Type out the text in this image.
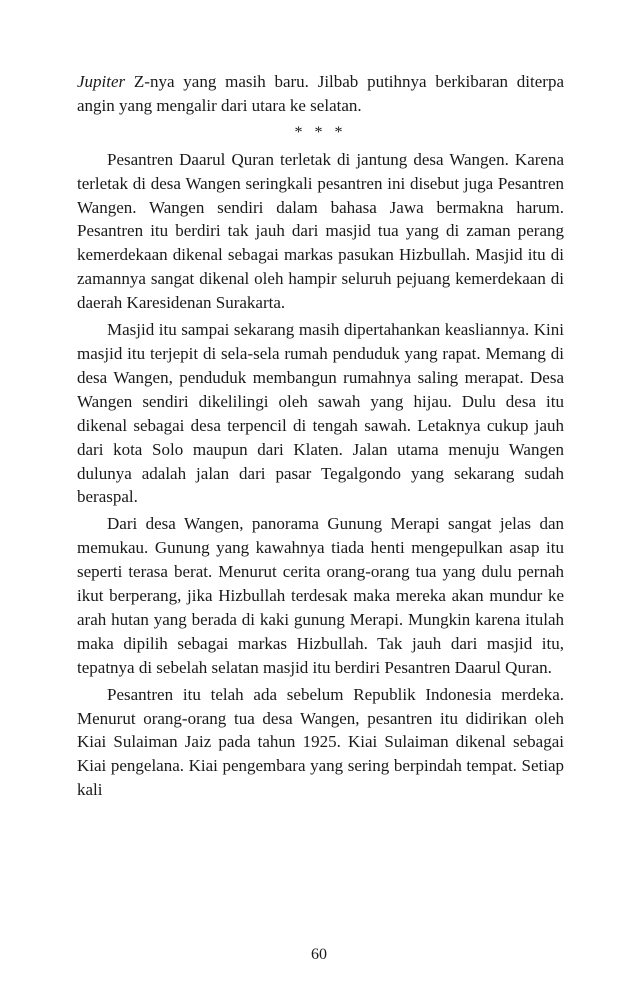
Jupiter Z-nya yang masih baru. Jilbab putihnya berkibaran diterpa angin yang mengalir dari utara ke selatan.

* * *

Pesantren Daarul Quran terletak di jantung desa Wangen. Karena terletak di desa Wangen seringkali pesantren ini disebut juga Pesantren Wangen. Wangen sendiri dalam bahasa Jawa bermakna harum. Pesantren itu berdiri tak jauh dari masjid tua yang di zaman perang kemerdekaan dikenal sebagai markas pasukan Hizbullah. Masjid itu di zamannya sangat dikenal oleh hampir seluruh pejuang kemerdekaan di daerah Karesidenan Surakarta.

Masjid itu sampai sekarang masih dipertahankan keasliannya. Kini masjid itu terjepit di sela-sela rumah penduduk yang rapat. Memang di desa Wangen, penduduk membangun rumahnya saling merapat. Desa Wangen sendiri dikelilingi oleh sawah yang hijau. Dulu desa itu dikenal sebagai desa terpencil di tengah sawah. Letaknya cukup jauh dari kota Solo maupun dari Klaten. Jalan utama menuju Wangen dulunya adalah jalan dari pasar Tegalgondo yang sekarang sudah beraspal.

Dari desa Wangen, panorama Gunung Merapi sangat jelas dan memukau. Gunung yang kawahnya tiada henti mengepulkan asap itu seperti terasa berat. Menurut cerita orang-orang tua yang dulu pernah ikut berperang, jika Hizbullah terdesak maka mereka akan mundur ke arah hutan yang berada di kaki gunung Merapi. Mungkin karena itulah maka dipilih sebagai markas Hizbullah. Tak jauh dari masjid itu, tepatnya di sebelah selatan masjid itu berdiri Pesantren Daarul Quran.

Pesantren itu telah ada sebelum Republik Indonesia merdeka. Menurut orang-orang tua desa Wangen, pesantren itu didirikan oleh Kiai Sulaiman Jaiz pada tahun 1925. Kiai Sulaiman dikenal sebagai Kiai pengelana. Kiai pengembara yang sering berpindah tempat. Setiap kali

60
